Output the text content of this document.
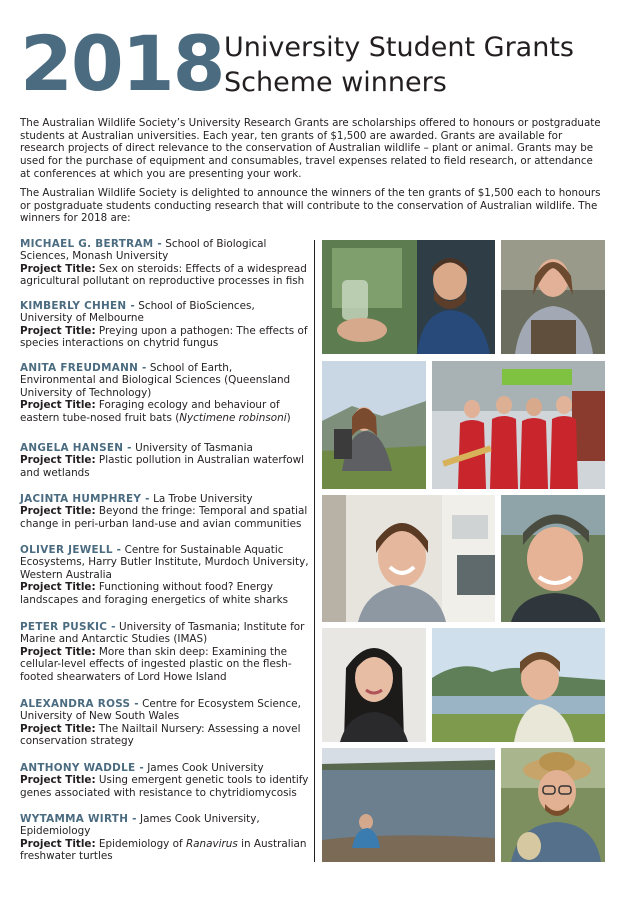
2018 University Student Grants
Scheme winners

The Australian Wildlife Society’s University Research Grants are scholarships offered to honours or postgraduate students at Australian universities. Each year, ten grants of $1,500 are awarded. Grants are available for research projects of direct relevance to the conservation of Australian wildlife – plant or animal. Grants may be used for the purchase of equipment and consumables, travel expenses related to field research, or attendance at conferences at which you are presenting your work.

The Australian Wildlife Society is delighted to announce the winners of the ten grants of $1,500 each to honours or postgraduate students conducting research that will contribute to the conservation of Australian wildlife. The winners for 2018 are:

MICHAEL G. BERTRAM - School of Biological Sciences, Monash University
Project Title: Sex on steroids: Effects of a widespread agricultural pollutant on reproductive processes in fish
KIMBERLY CHHEN - School of BioSciences, University of Melbourne
Project Title: Preying upon a pathogen: The effects of species interactions on chytrid fungus
ANITA FREUDMANN - School of Earth, Environmental and Biological Sciences (Queensland University of Technology)
Project Title: Foraging ecology and behaviour of eastern tube-nosed fruit bats (Nyctimene robinsoni)
ANGELA HANSEN - University of Tasmania
Project Title: Plastic pollution in Australian waterfowl and wetlands
JACINTA HUMPHREY - La Trobe University
Project Title: Beyond the fringe: Temporal and spatial change in peri-urban land-use and avian communities
OLIVER JEWELL - Centre for Sustainable Aquatic Ecosystems, Harry Butler Institute, Murdoch University, Western Australia
Project Title: Functioning without food? Energy landscapes and foraging energetics of white sharks
PETER PUSKIC - University of Tasmania; Institute for Marine and Antarctic Studies (IMAS)
Project Title: More than skin deep: Examining the cellular-level effects of ingested plastic on the flesh-footed shearwaters of Lord Howe Island
ALEXANDRA ROSS - Centre for Ecosystem Science, University of New South Wales
Project Title: The Nailtail Nursery: Assessing a novel conservation strategy
ANTHONY WADDLE - James Cook University
Project Title: Using emergent genetic tools to identify genes associated with resistance to chytridiomycosis
WYTAMMA WIRTH - James Cook University, Epidemiology
Project Title: Epidemiology of Ranavirus in Australian freshwater turtles
